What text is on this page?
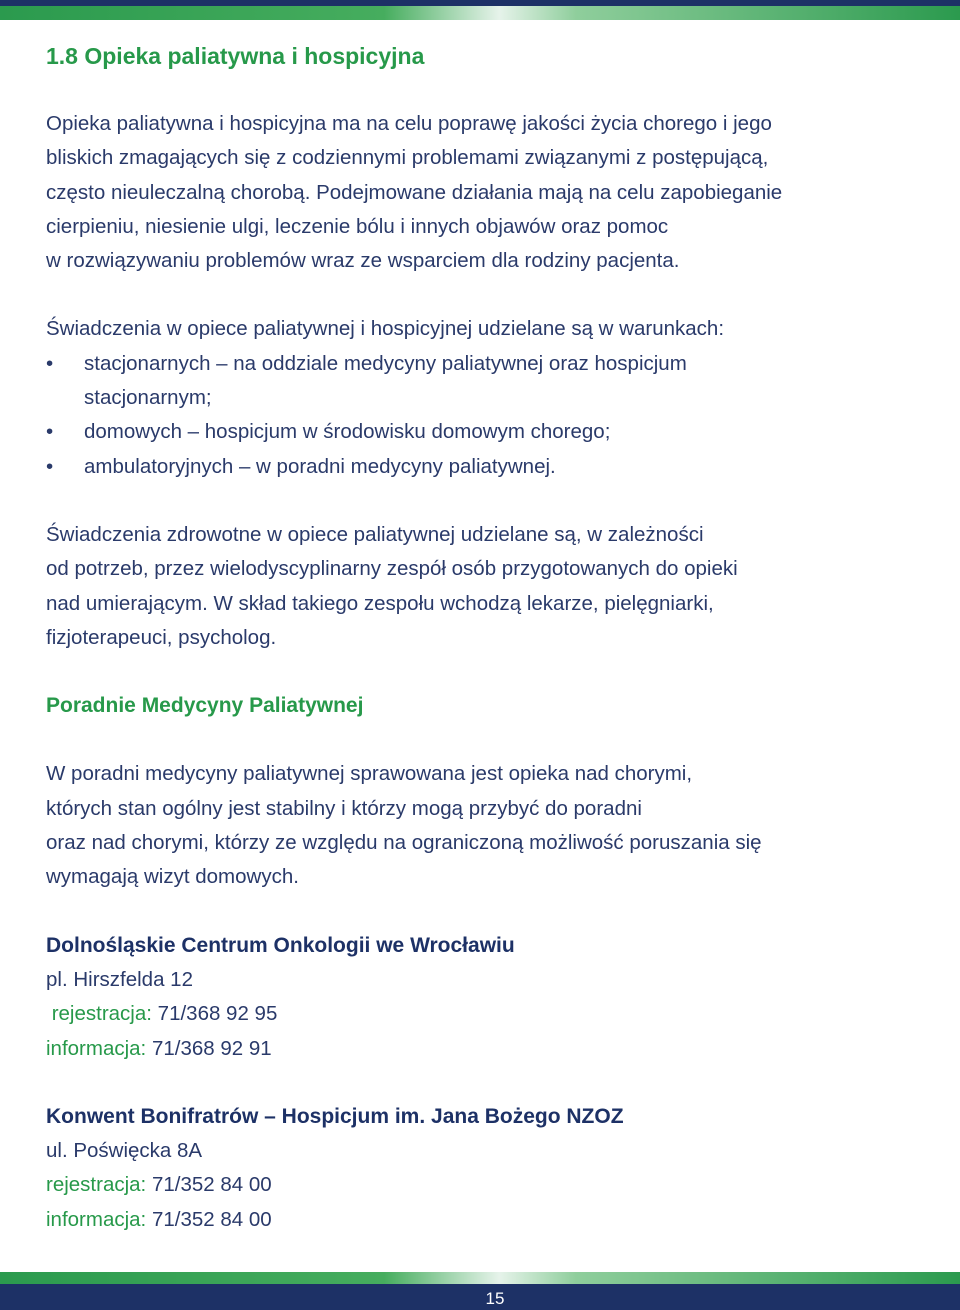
1.8 Opieka paliatywna i hospicyjna

Opieka paliatywna i hospicyjna ma na celu poprawę jakości życia chorego i jego

bliskich zmagających się z codziennymi problemami związanymi z postępującą,

często nieuleczalną chorobą. Podejmowane działania mają na celu zapobieganie

cierpieniu, niesienie ulgi, leczenie bólu i innych objawów oraz pomoc

w rozwiązywaniu problemów wraz ze wsparciem dla rodziny pacjenta.

Świadczenia w opiece paliatywnej i hospicyjnej udzielane są w warunkach:

• stacjonarnych – na oddziale medycyny paliatywnej oraz hospicjum
stacjonarnym;
• domowych – hospicjum w środowisku domowym chorego;
• ambulatoryjnych – w poradni medycyny paliatywnej.

Świadczenia zdrowotne w opiece paliatywnej udzielane są, w zależności

od potrzeb, przez wielodyscyplinarny zespół osób przygotowanych do opieki

nad umierającym. W skład takiego zespołu wchodzą lekarze, pielęgniarki,

fizjoterapeuci, psycholog.

Poradnie Medycyny Paliatywnej

W poradni medycyny paliatywnej sprawowana jest opieka nad chorymi,

których stan ogólny jest stabilny i którzy mogą przybyć do poradni

oraz nad chorymi, którzy ze względu na ograniczoną możliwość poruszania się

wymagają wizyt domowych.

Dolnośląskie Centrum Onkologii we Wrocławiu
pl. Hirszfelda 12
rejestracja: 71/368 92 95
informacja: 71/368 92 91
Konwent Bonifratrów – Hospicjum im. Jana Bożego NZOZ
ul. Poświęcka 8A
rejestracja: 71/352 84 00
informacja: 71/352 84 00
15
